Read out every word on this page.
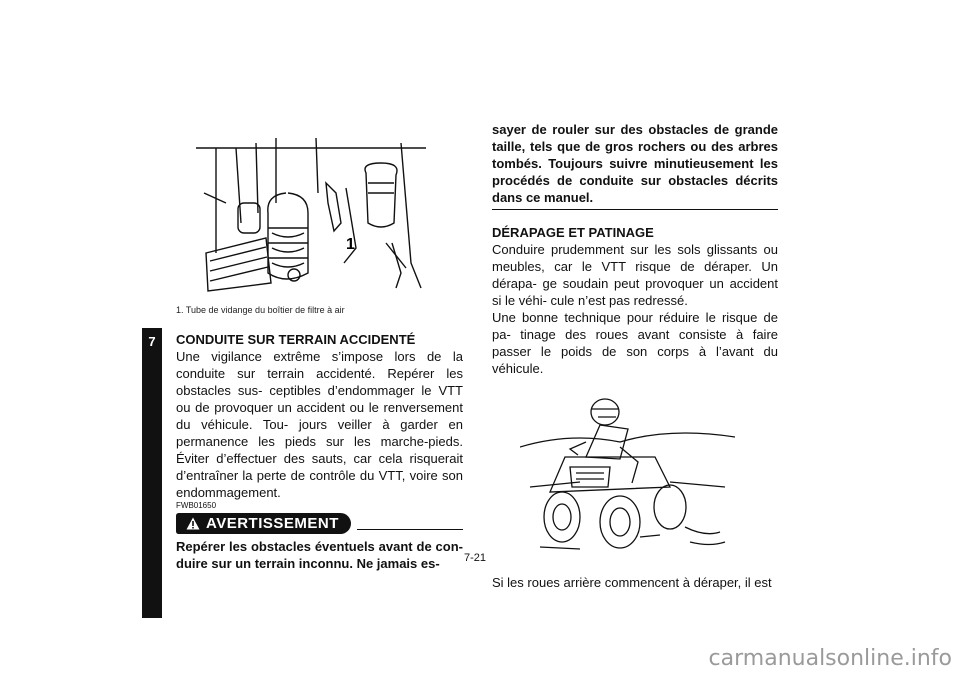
7
1
1. Tube de vidange du boîtier de filtre à air

CONDUITE SUR TERRAIN ACCIDENTÉ

Une vigilance extrême s’impose lors de la conduite sur terrain accidenté. Repérer les obstacles sus- ceptibles d’endommager le VTT ou de provoquer un accident ou le renversement du véhicule. Tou- jours veiller à garder en permanence les pieds sur les marche-pieds. Éviter d’effectuer des sauts, car cela risquerait d’entraîner la perte de contrôle du VTT, voire son endommagement.

FWB01650

AVERTISSEMENT

Repérer les obstacles éventuels avant de con- duire sur un terrain inconnu. Ne jamais es-

sayer de rouler sur des obstacles de grande taille, tels que de gros rochers ou des arbres tombés. Toujours suivre minutieusement les procédés de conduite sur obstacles décrits dans ce manuel.

DÉRAPAGE ET PATINAGE

Conduire prudemment sur les sols glissants ou meubles, car le VTT risque de déraper. Un dérapa- ge soudain peut provoquer un accident si le véhi- cule n’est pas redressé.

Une bonne technique pour réduire le risque de pa- tinage des roues avant consiste à faire passer le poids de son corps à l’avant du véhicule.

Si les roues arrière commencent à déraper, il est

7-21
carmanualsonline.info
